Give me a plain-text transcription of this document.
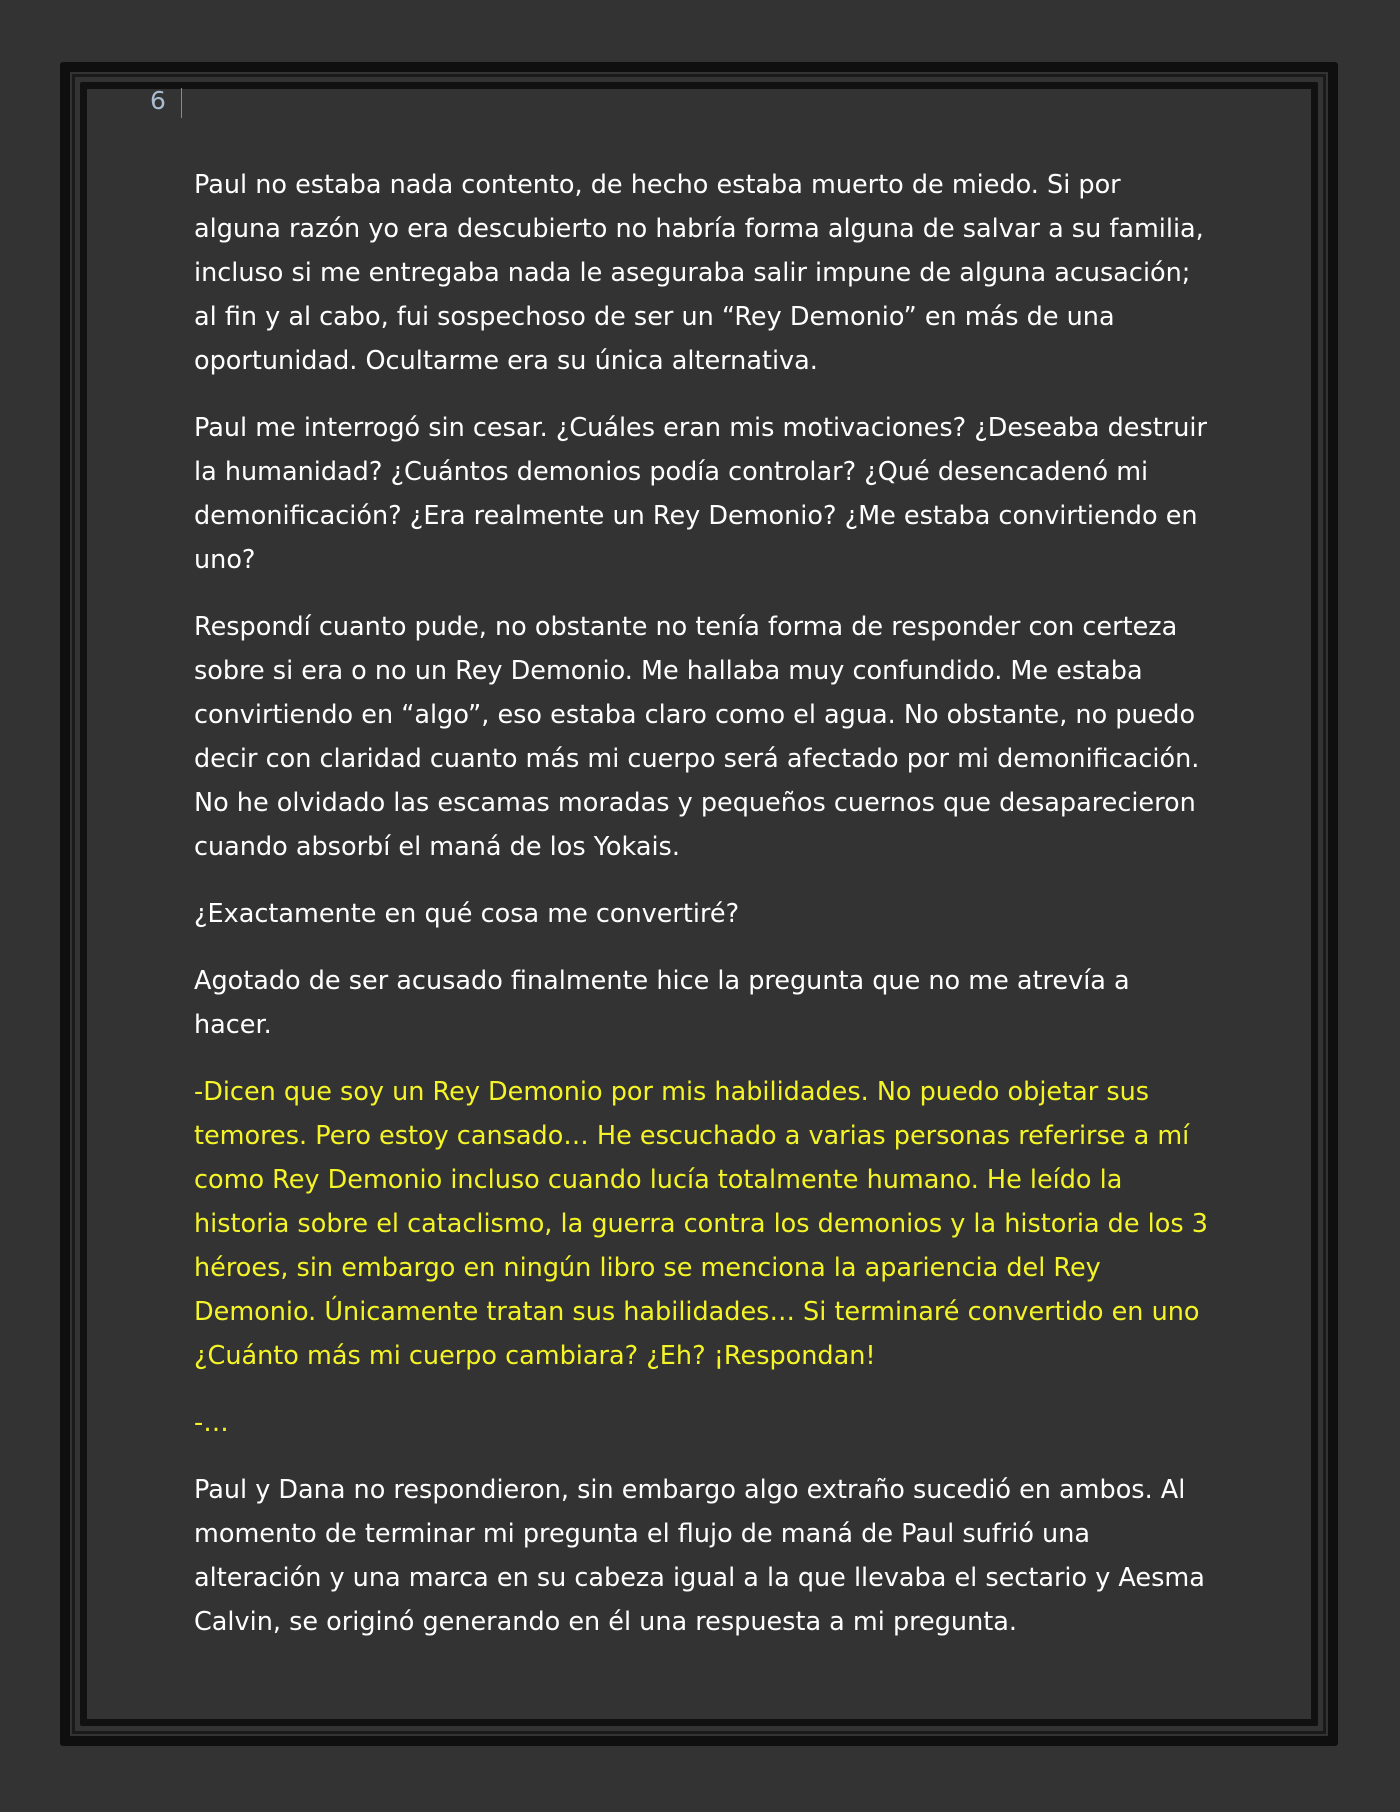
6

Paul no estaba nada contento, de hecho estaba muerto de miedo. Si por alguna razón yo era descubierto no habría forma alguna de salvar a su familia, incluso si me entregaba nada le aseguraba salir impune de alguna acusación; al fin y al cabo, fui sospechoso de ser un “Rey Demonio” en más de una oportunidad. Ocultarme era su única alternativa.

Paul me interrogó sin cesar. ¿Cuáles eran mis motivaciones? ¿Deseaba destruir la humanidad? ¿Cuántos demonios podía controlar? ¿Qué desencadenó mi demonificación? ¿Era realmente un Rey Demonio? ¿Me estaba convirtiendo en uno?

Respondí cuanto pude, no obstante no tenía forma de responder con certeza sobre si era o no un Rey Demonio. Me hallaba muy confundido. Me estaba convirtiendo en “algo”, eso estaba claro como el agua. No obstante, no puedo decir con claridad cuanto más mi cuerpo será afectado por mi demonificación. No he olvidado las escamas moradas y pequeños cuernos que desaparecieron cuando absorbí el maná de los Yokais.

¿Exactamente en qué cosa me convertiré?

Agotado de ser acusado finalmente hice la pregunta que no me atrevía a hacer.

-Dicen que soy un Rey Demonio por mis habilidades. No puedo objetar sus temores. Pero estoy cansado… He escuchado a varias personas referirse a mí como Rey Demonio incluso cuando lucía totalmente humano. He leído la historia sobre el cataclismo, la guerra contra los demonios y la historia de los 3 héroes, sin embargo en ningún libro se menciona la apariencia del Rey Demonio. Únicamente tratan sus habilidades… Si terminaré convertido en uno ¿Cuánto más mi cuerpo cambiara? ¿Eh? ¡Respondan!

-…

Paul y Dana no respondieron, sin embargo algo extraño sucedió en ambos. Al momento de terminar mi pregunta el flujo de maná de Paul sufrió una alteración y una marca en su cabeza igual a la que llevaba el sectario y Aesma Calvin, se originó generando en él una respuesta a mi pregunta.
